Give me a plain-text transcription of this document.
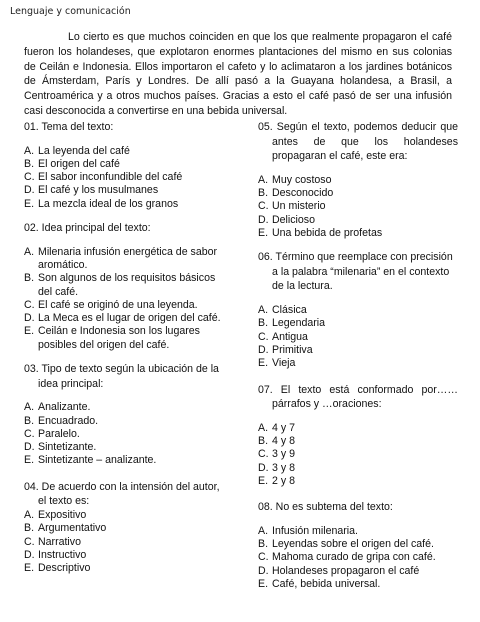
Lenguaje y comunicación

Lo cierto es que muchos coinciden en que los que realmente propagaron el café fueron los holandeses, que explotaron enormes plantaciones del mismo en sus colonias de Ceilán e Indonesia. Ellos importaron el cafeto y lo aclimataron a los jardines botánicos de Ámsterdam, París y Londres. De allí pasó a la Guayana holandesa, a Brasil, a Centroamérica y a otros muchos países. Gracias a esto el café pasó de ser una infusión casi desconocida a convertirse en una bebida universal.

01. Tema del texto:
A. La leyenda del café
B. El origen del café
C. El sabor inconfundible del café
D. El café y los musulmanes
E. La mezcla ideal de los granos
02. Idea principal del texto:
A. Milenaria infusión energética de sabor aromático.
B. Son algunos de los requisitos básicos del café.
C. El café se originó de una leyenda.
D. La Meca es el lugar de origen del café.
E. Ceilán e Indonesia son los lugares posibles del origen del café.
03. Tipo de texto según la ubicación de la idea principal:
A. Analizante.
B. Encuadrado.
C. Paralelo.
D. Sintetizante.
E. Sintetizante – analizante.
04. De acuerdo con la intensión del autor, el texto es:
A. Expositivo
B. Argumentativo
C. Narrativo
D. Instructivo
E. Descriptivo
05. Según el texto, podemos deducir que antes de que los holandeses propagaran el café, este era:
A. Muy costoso
B. Desconocido
C. Un misterio
D. Delicioso
E. Una bebida de profetas
06. Término que reemplace con precisión a la palabra “milenaria” en el contexto de la lectura.
A. Clásica
B. Legendaria
C. Antigua
D. Primitiva
E. Vieja
07. El texto está conformado por……párrafos y …oraciones:
A. 4 y 7
B. 4 y 8
C. 3 y 9
D. 3 y 8
E. 2 y 8
08. No es subtema del texto:
A. Infusión milenaria.
B. Leyendas sobre el origen del café.
C. Mahoma curado de gripa con café.
D. Holandeses propagaron el café
E. Café, bebida universal.
